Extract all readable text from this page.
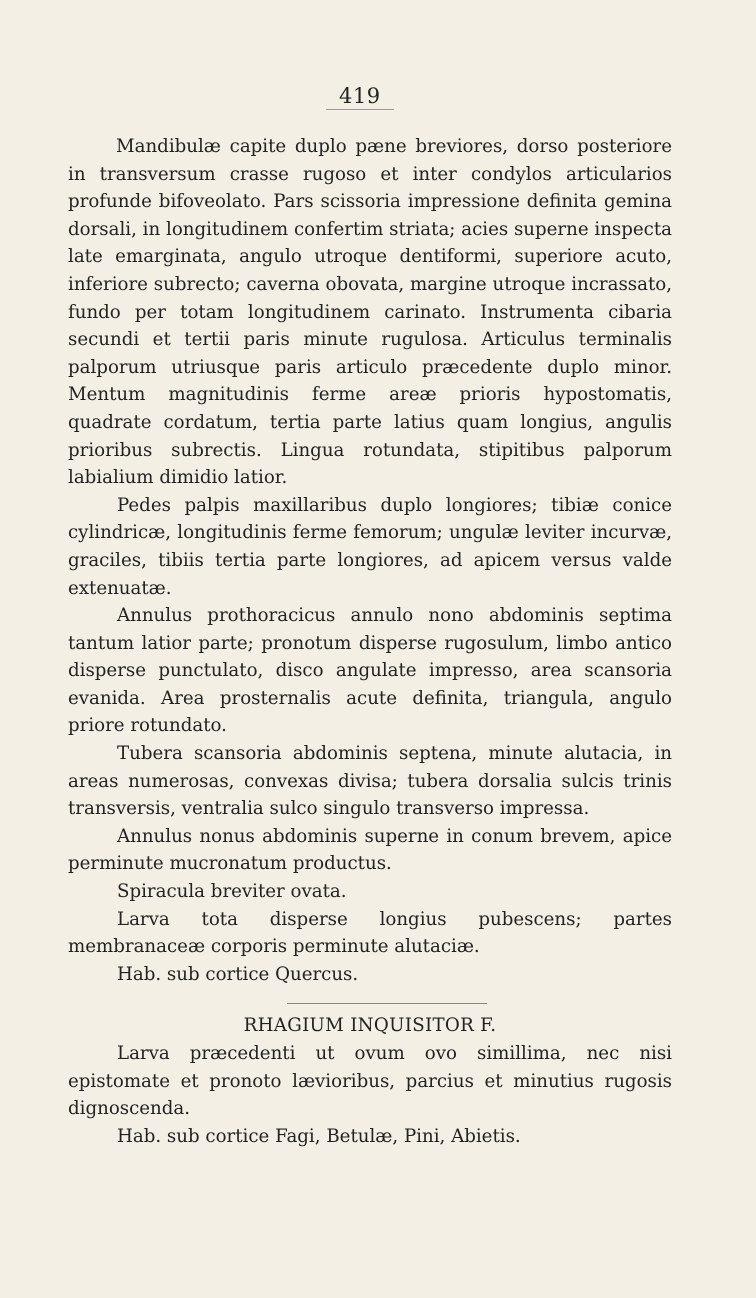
419

Mandibulæ capite duplo pæne breviores, dorso posteriore in transversum crasse rugoso et inter condylos articularios profunde bifoveolato. Pars scissoria impressione definita gemina dorsali, in longitudinem confertim striata; acies superne inspecta late emarginata, angulo utroque dentiformi, superiore acuto, inferiore subrecto; caverna obovata, margine utroque incrassato, fundo per totam longitudinem carinato. Instrumenta cibaria secundi et tertii paris minute rugulosa. Articulus terminalis palporum utriusque paris articulo præcedente duplo minor. Mentum magnitudinis ferme areæ prioris hypostomatis, quadrate cordatum, tertia parte latius quam longius, angulis prioribus subrectis. Lingua rotundata, stipitibus palporum labialium dimidio latior.

Pedes palpis maxillaribus duplo longiores; tibiæ conice cylindricæ, longitudinis ferme femorum; ungulæ leviter incurvæ, graciles, tibiis tertia parte longiores, ad apicem versus valde extenuatæ.

Annulus prothoracicus annulo nono abdominis septima tantum latior parte; pronotum disperse rugosulum, limbo antico disperse punctulato, disco angulate impresso, area scansoria evanida. Area prosternalis acute definita, triangula, angulo priore rotundato.

Tubera scansoria abdominis septena, minute alutacia, in areas numerosas, convexas divisa; tubera dorsalia sulcis trinis transversis, ventralia sulco singulo transverso impressa.

Annulus nonus abdominis superne in conum brevem, apice perminute mucronatum productus.

Spiracula breviter ovata.

Larva tota disperse longius pubescens; partes membranaceæ corporis perminute alutaciæ.

Hab. sub cortice Quercus.

RHAGIUM INQUISITOR F.

Larva præcedenti ut ovum ovo simillima, nec nisi epistomate et pronoto lævioribus, parcius et minutius rugosis dignoscenda.

Hab. sub cortice Fagi, Betulæ, Pini, Abietis.
